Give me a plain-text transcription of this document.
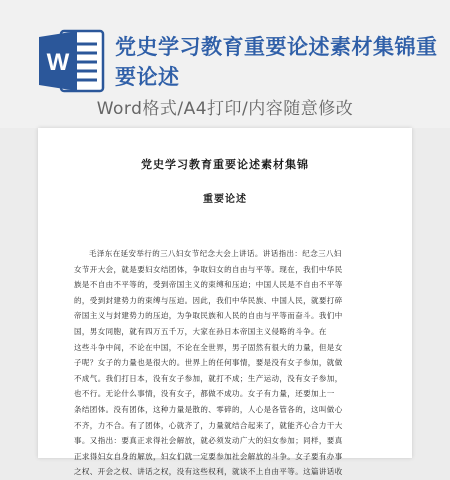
W
党史学习教育重要论述素材集锦重要论述
Word格式/A4打印/内容随意修改
党史学习教育重要论述素材集锦
重要论述
毛泽东在延安举行的三八妇女节纪念大会上讲话。讲话指出：纪念三八妇
女节开大会，就是要妇女结团体，争取妇女的自由与平等。现在，我们中华民
族是不自由不平等的，受到帝国主义的束缚和压迫；中国人民是不自由不平等
的，受到封建势力的束缚与压迫。因此，我们中华民族、中国人民，就要打碎
帝国主义与封建势力的压迫，为争取民族和人民的自由与平等而奋斗。我们中
国，男女同胞，就有四万五千万，大家在孙日本帝国主义侵略的斗争。在
这些斗争中间，不论在中国，不论在全世界，男子固然有很大的力量，但是女
子呢？女子的力量也是很大的。世界上的任何事情，要是没有女子参加，就做
不成气。我们打日本，没有女子参加，就打不成；生产运动，没有女子参加，
也不行。无论什么事情，没有女子，都做不成功。女子有力量，还要加上一
条结团体。没有团体，这种力量是散的、零碎的，人心是各管各的，这叫做心
不齐，力不合。有了团体，心就齐了，力量就结合起来了，就能齐心合力干大
事。又指出：要真正求得社会解放，就必须发动广大的妇女参加；同样，要真
正求得妇女自身的解放，妇女们就一定要参加社会解放的斗争。女子要有办事
之权、开会之权、讲话之权，没有这些权利，就谈不上自由平等。这篇讲话收
